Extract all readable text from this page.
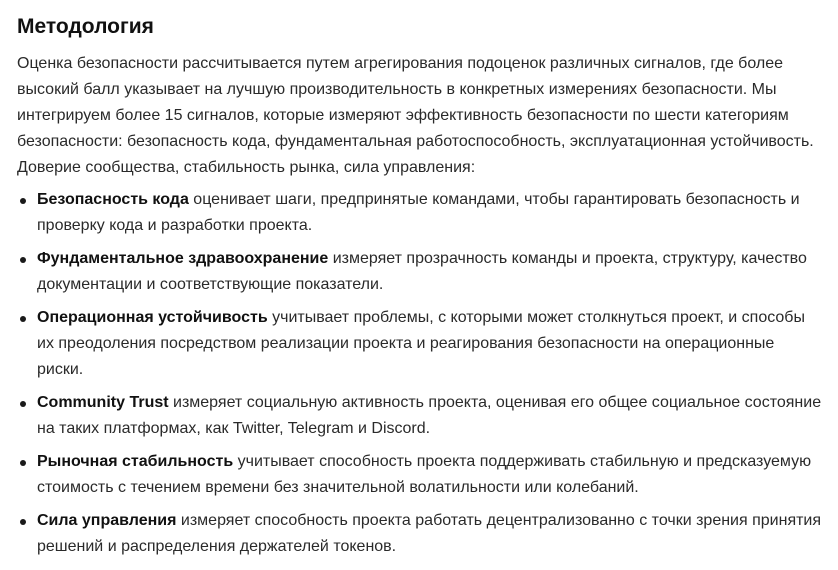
Методология

Оценка безопасности рассчитывается путем агрегирования подоценок различных сигналов, где более высокий балл указывает на лучшую производительность в конкретных измерениях безопасности. Мы интегрируем более 15 сигналов, которые измеряют эффективность безопасности по шести категориям безопасности: безопасность кода, фундаментальная работоспособность, эксплуатационная устойчивость. Доверие сообщества, стабильность рынка, сила управления:

Безопасность кода оценивает шаги, предпринятые командами, чтобы гарантировать безопасность и проверку кода и разработки проекта.
Фундаментальное здравоохранение измеряет прозрачность команды и проекта, структуру, качество документации и соответствующие показатели.
Операционная устойчивость учитывает проблемы, с которыми может столкнуться проект, и способы их преодоления посредством реализации проекта и реагирования безопасности на операционные риски.
Community Trust измеряет социальную активность проекта, оценивая его общее социальное состояние на таких платформах, как Twitter, Telegram и Discord.
Рыночная стабильность учитывает способность проекта поддерживать стабильную и предсказуемую стоимость с течением времени без значительной волатильности или колебаний.
Сила управления измеряет способность проекта работать децентрализованно с точки зрения принятия решений и распределения держателей токенов.
